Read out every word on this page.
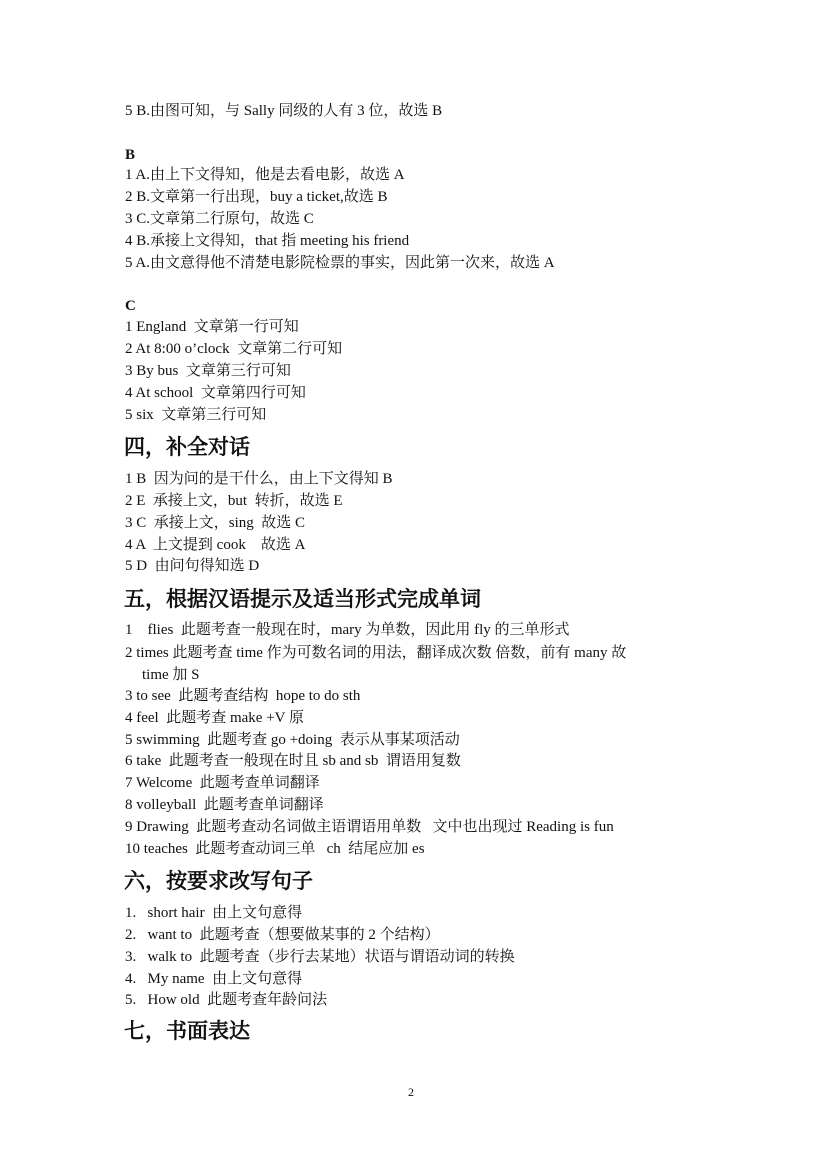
5 B.由图可知，与 Sally 同级的人有 3 位，故选 B
B
1 A.由上下文得知，他是去看电影，故选 A
2 B.文章第一行出现，buy a ticket,故选 B
3 C.文章第二行原句，故选 C
4 B.承接上文得知，that 指 meeting his friend
5 A.由文意得他不清楚电影院检票的事实，因此第一次来，故选 A
C
1 England  文章第一行可知
2 At 8:00 o’clock  文章第二行可知
3 By bus  文章第三行可知
4 At school  文章第四行可知
5 six  文章第三行可知
四，补全对话
1 B  因为问的是干什么，由上下文得知 B
2 E  承接上文，but  转折，故选 E
3 C  承接上文，sing  故选 C
4 A  上文提到 cook    故选 A
5 D  由问句得知选 D
五，根据汉语提示及适当形式完成单词
1    flies  此题考查一般现在时，mary 为单数，因此用 fly 的三单形式
2 times 此题考查 time 作为可数名词的用法，翻译成次数 倍数，前有 many 故
time 加 S
3 to see  此题考查结构  hope to do sth
4 feel  此题考查 make +V 原
5 swimming  此题考查 go +doing  表示从事某项活动
6 take  此题考查一般现在时且 sb and sb  谓语用复数
7 Welcome  此题考查单词翻译
8 volleyball  此题考查单词翻译
9 Drawing  此题考查动名词做主语谓语用单数   文中也出现过 Reading is fun
10 teaches  此题考查动词三单   ch  结尾应加 es
六，按要求改写句子
1.   short hair  由上文句意得
2.   want to  此题考查（想要做某事的 2 个结构）
3.   walk to  此题考查（步行去某地）状语与谓语动词的转换
4.   My name  由上文句意得
5.   How old  此题考查年龄问法
七，书面表达
2
